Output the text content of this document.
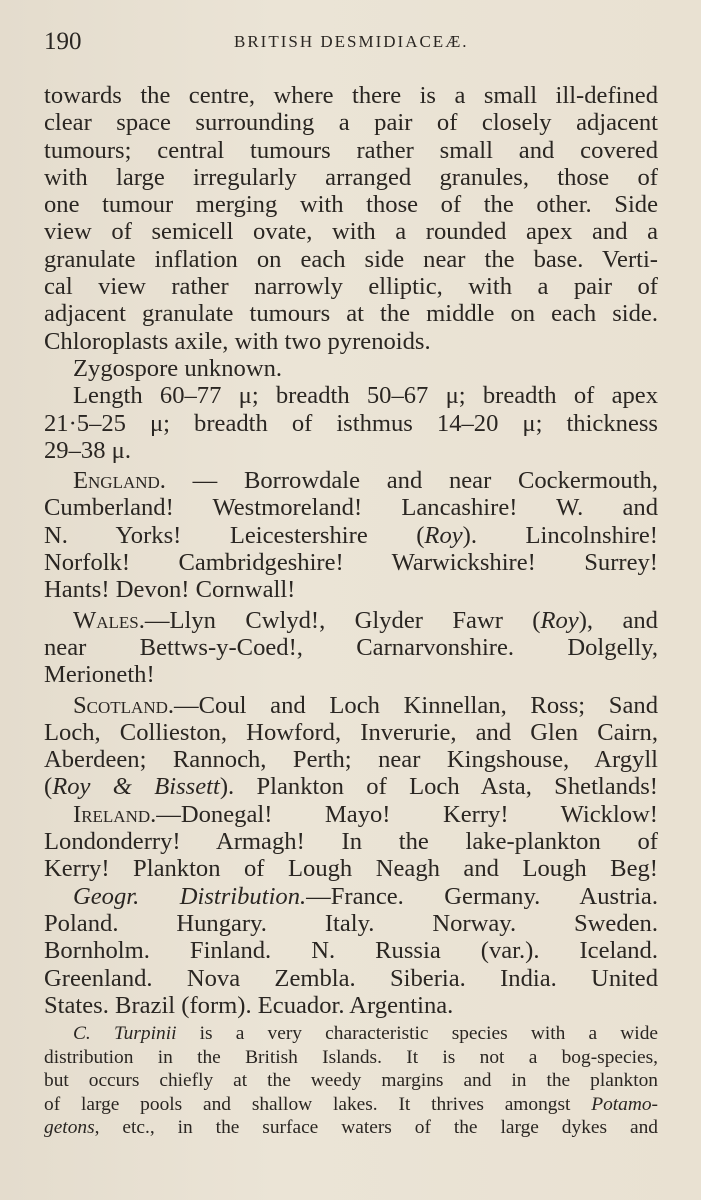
190	BRITISH DESMIDIACEÆ.
towards the centre, where there is a small ill-defined
clear space surrounding a pair of closely adjacent
tumours; central tumours rather small and covered
with large irregularly arranged granules, those of
one tumour merging with those of the other. Side
view of semicell ovate, with a rounded apex and a
granulate inflation on each side near the base. Verti-
cal view rather narrowly elliptic, with a pair of
adjacent granulate tumours at the middle on each side.
Chloroplasts axile, with two pyrenoids.
Zygospore unknown.
Length 60–77 μ; breadth 50–67 μ; breadth of apex
21·5–25 μ; breadth of isthmus 14–20 μ; thickness
29–38 μ.
England. — Borrowdale and near Cockermouth,
Cumberland! Westmoreland! Lancashire! W. and
N. Yorks! Leicestershire (Roy). Lincolnshire!
Norfolk! Cambridgeshire! Warwickshire! Surrey!
Hants! Devon! Cornwall!
Wales.—Llyn Cwlyd!, Glyder Fawr (Roy), and
near Bettws-y-Coed!, Carnarvonshire. Dolgelly,
Merioneth!
Scotland.—Coul and Loch Kinnellan, Ross; Sand
Loch, Collieston, Howford, Inverurie, and Glen Cairn,
Aberdeen; Rannoch, Perth; near Kingshouse, Argyll
(Roy & Bissett). Plankton of Loch Asta, Shetlands!
Ireland.—Donegal! Mayo! Kerry! Wicklow!
Londonderry! Armagh! In the lake-plankton of
Kerry! Plankton of Lough Neagh and Lough Beg!
Geogr. Distribution.—France. Germany. Austria.
Poland. Hungary. Italy. Norway. Sweden.
Bornholm. Finland. N. Russia (var.). Iceland.
Greenland. Nova Zembla. Siberia. India. United
States. Brazil (form). Ecuador. Argentina.
C. Turpinii is a very characteristic species with a wide
distribution in the British Islands. It is not a bog-species,
but occurs chiefly at the weedy margins and in the plankton
of large pools and shallow lakes. It thrives amongst Potamo-
getons, etc., in the surface waters of the large dykes and
